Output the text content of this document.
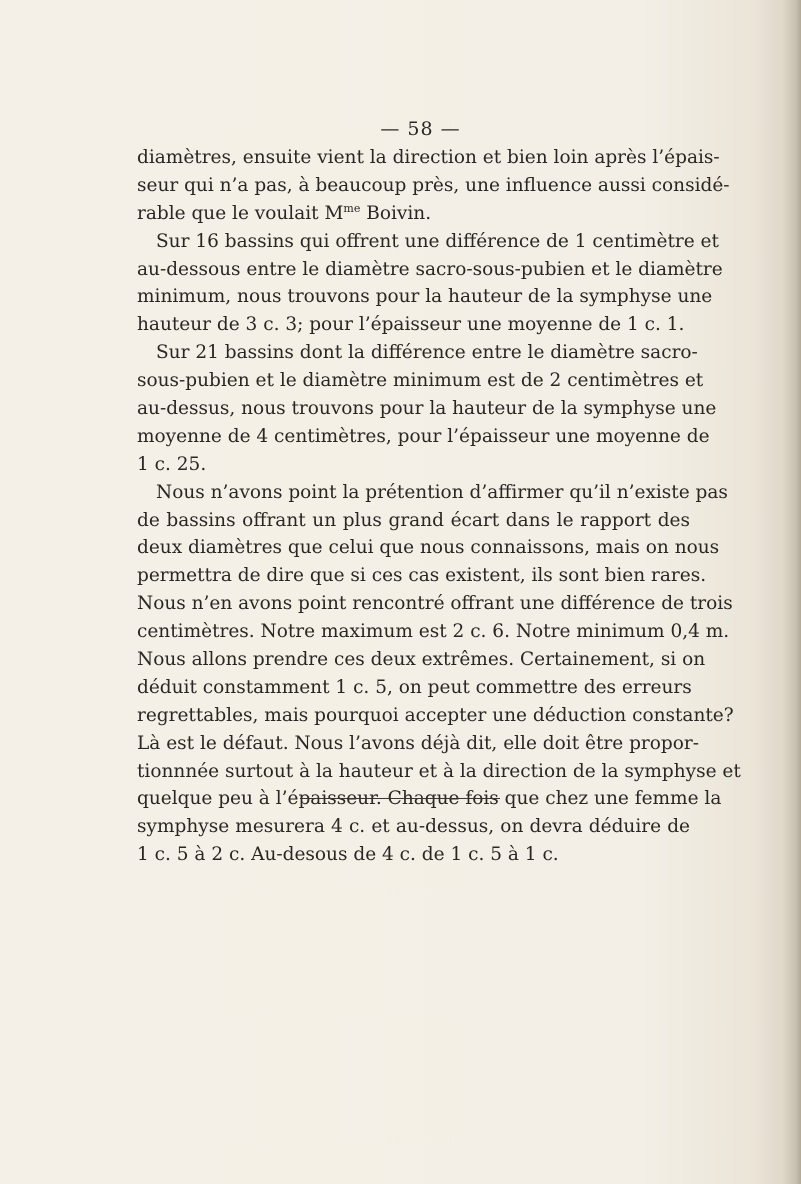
— 58 —
diamètres, ensuite vient la direction et bien loin après l’épais-
seur qui n’a pas, à beaucoup près, une influence aussi considé-
rable que le voulait $M^{me}$ Boivin.
Sur 16 bassins qui offrent une différence de 1 centimètre et
au-dessous entre le diamètre sacro-sous-pubien et le diamètre
minimum, nous trouvons pour la hauteur de la symphyse une
hauteur de 3 c. 3; pour l’épaisseur une moyenne de 1 c. 1.
Sur 21 bassins dont la différence entre le diamètre sacro-
sous-pubien et le diamètre minimum est de 2 centimètres et
au-dessus, nous trouvons pour la hauteur de la symphyse une
moyenne de 4 centimètres, pour l’épaisseur une moyenne de
1 c. 25.
Nous n’avons point la prétention d’affirmer qu’il n’existe pas
de bassins offrant un plus grand écart dans le rapport des
deux diamètres que celui que nous connaissons, mais on nous
permettra de dire que si ces cas existent, ils sont bien rares.
Nous n’en avons point rencontré offrant une différence de trois
centimètres. Notre maximum est 2 c. 6. Notre minimum 0,4 m.
Nous allons prendre ces deux extrêmes. Certainement, si on
déduit constamment 1 c. 5, on peut commettre des erreurs
regrettables, mais pourquoi accepter une déduction constante?
Là est le défaut. Nous l’avons déjà dit, elle doit être propor-
tionnnée surtout à la hauteur et à la direction de la symphyse et
quelque peu à l’épaisseur. Chaque fois que chez une femme la
symphyse mesurera 4 c. et au-dessus, on devra déduire de
1 c. 5 à 2 c. Au-desous de 4 c. de 1 c. 5 à 1 c.
